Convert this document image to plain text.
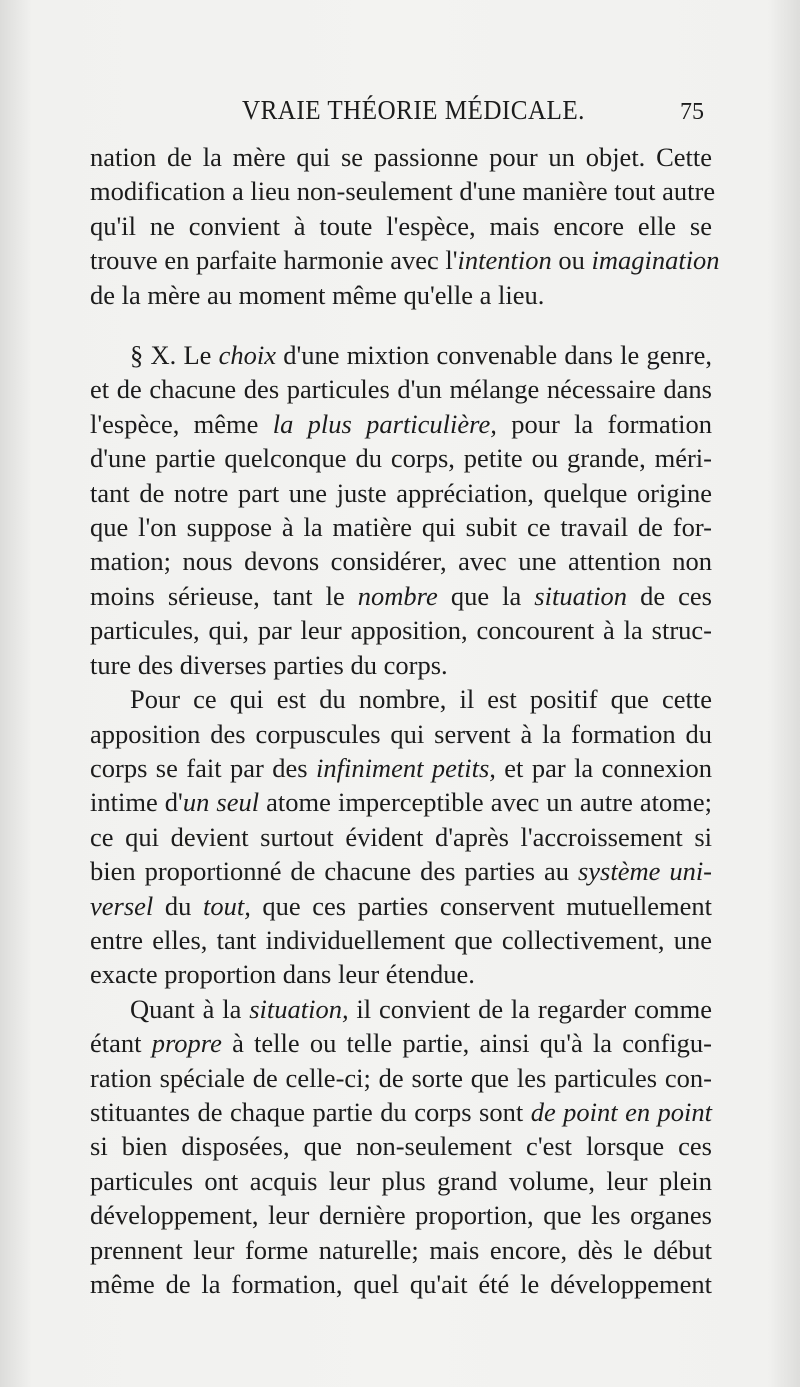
VRAIE THÉORIE MÉDICALE.	75
nation de la mère qui se passionne pour un objet. Cette
modification a lieu non-seulement d'une manière tout autre
qu'il ne convient à toute l'espèce, mais encore elle se
trouve en parfaite harmonie avec l'intention ou imagination
de la mère au moment même qu'elle a lieu.
§ X. Le choix d'une mixtion convenable dans le genre,
et de chacune des particules d'un mélange nécessaire dans
l'espèce, même la plus particulière, pour la formation
d'une partie quelconque du corps, petite ou grande, méri-
tant de notre part une juste appréciation, quelque origine
que l'on suppose à la matière qui subit ce travail de for-
mation; nous devons considérer, avec une attention non
moins sérieuse, tant le nombre que la situation de ces
particules, qui, par leur apposition, concourent à la struc-
ture des diverses parties du corps.
Pour ce qui est du nombre, il est positif que cette
apposition des corpuscules qui servent à la formation du
corps se fait par des infiniment petits, et par la connexion
intime d'un seul atome imperceptible avec un autre atome;
ce qui devient surtout évident d'après l'accroissement si
bien proportionné de chacune des parties au système uni-
versel du tout, que ces parties conservent mutuellement
entre elles, tant individuellement que collectivement, une
exacte proportion dans leur étendue.
Quant à la situation, il convient de la regarder comme
étant propre à telle ou telle partie, ainsi qu'à la configu-
ration spéciale de celle-ci; de sorte que les particules con-
stituantes de chaque partie du corps sont de point en point
si bien disposées, que non-seulement c'est lorsque ces
particules ont acquis leur plus grand volume, leur plein
développement, leur dernière proportion, que les organes
prennent leur forme naturelle; mais encore, dès le début
même de la formation, quel qu'ait été le développement
